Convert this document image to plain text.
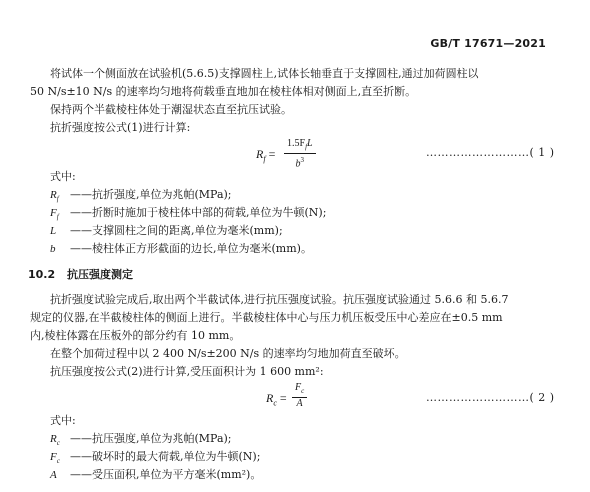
GB/T 17671—2021
将试体一个侧面放在试验机(5.6.5)支撑圆柱上,试体长轴垂直于支撑圆柱,通过加荷圆柱以
50 N/s±10 N/s 的速率均匀地将荷载垂直地加在棱柱体相对侧面上,直至折断。
保持两个半截棱柱体处于潮湿状态直至抗压试验。
抗折强度按公式(1)进行计算:
$R_f$ =
$1.5F_fL$
$b^3$
………………………( 1 )
式中:
$R_f$ ——抗折强度,单位为兆帕(MPa);
$F_f$ ——折断时施加于棱柱体中部的荷载,单位为牛顿(N);
L ——支撑圆柱之间的距离,单位为毫米(mm);
b ——棱柱体正方形截面的边长,单位为毫米(mm)。
10.2 抗压强度测定
抗折强度试验完成后,取出两个半截试体,进行抗压强度试验。抗压强度试验通过 5.6.6 和 5.6.7
规定的仪器,在半截棱柱体的侧面上进行。半截棱柱体中心与压力机压板受压中心差应在±0.5 mm
内,棱柱体露在压板外的部分约有 10 mm。
在整个加荷过程中以 2 400 N/s±200 N/s 的速率均匀地加荷直至破坏。
抗压强度按公式(2)进行计算,受压面积计为 1 600 mm²:
$R_c = \frac{F_c}{A}$	………………………( 2 )
式中:
$R_c$ ——抗压强度,单位为兆帕(MPa);
$F_c$ ——破坏时的最大荷载,单位为牛顿(N);
A ——受压面积,单位为平方毫米(mm²)。
